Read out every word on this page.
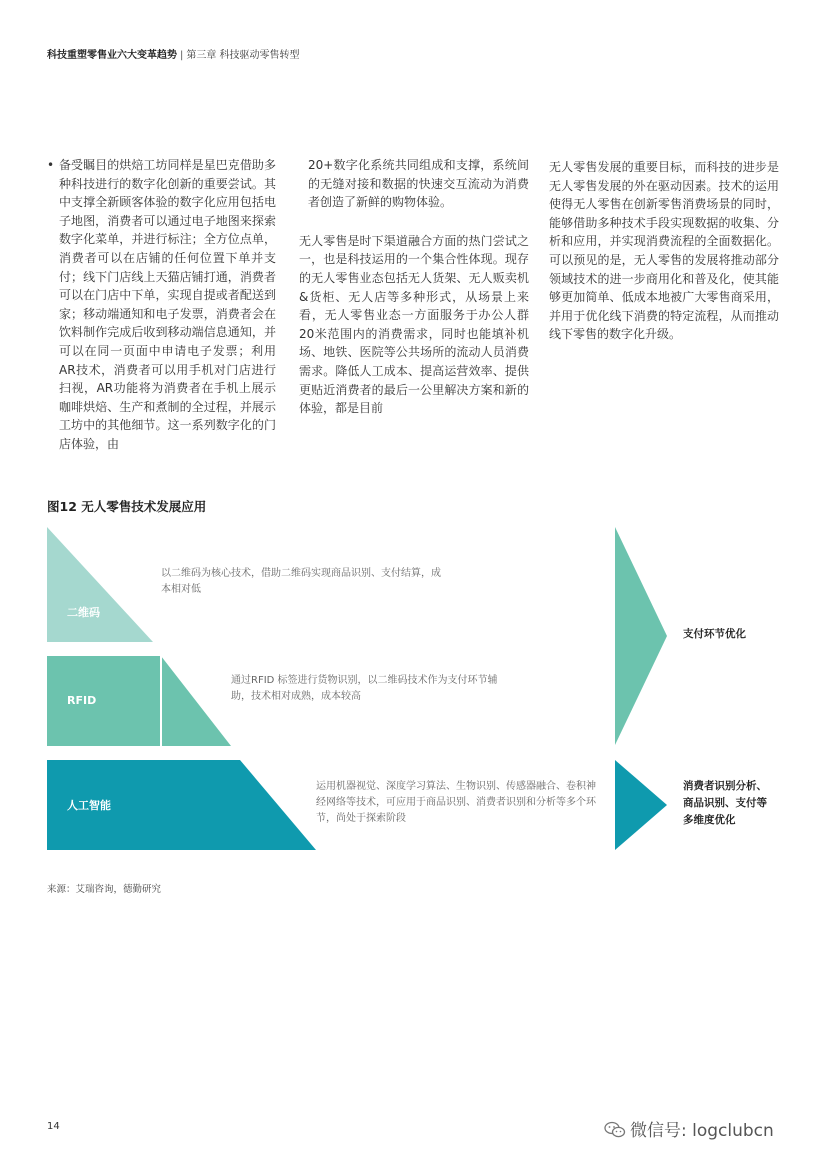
科技重塑零售业六大变革趋势 | 第三章 科技驱动零售转型
• 备受瞩目的烘焙工坊同样是星巴克借助多种科技进行的数字化创新的重要尝试。其中支撑全新顾客体验的数字化应用包括电子地图，消费者可以通过电子地图来探索数字化菜单，并进行标注；全方位点单，消费者可以在店铺的任何位置下单并支付；线下门店线上天猫店铺打通，消费者可以在门店中下单，实现自提或者配送到家；移动端通知和电子发票，消费者会在饮料制作完成后收到移动端信息通知，并可以在同一页面中申请电子发票；利用AR技术，消费者可以用手机对门店进行扫视，AR功能将为消费者在手机上展示咖啡烘焙、生产和煮制的全过程，并展示工坊中的其他细节。这一系列数字化的门店体验，由

20+数字化系统共同组成和支撑，系统间的无缝对接和数据的快速交互流动为消费者创造了新鲜的购物体验。

无人零售是时下渠道融合方面的热门尝试之一，也是科技运用的一个集合性体现。现存的无人零售业态包括无人货架、无人贩卖机&货柜、无人店等多种形式，从场景上来看，无人零售业态一方面服务于办公人群20米范围内的消费需求，同时也能填补机场、地铁、医院等公共场所的流动人员消费需求。降低人工成本、提高运营效率、提供更贴近消费者的最后一公里解决方案和新的体验，都是目前

无人零售发展的重要目标，而科技的进步是无人零售发展的外在驱动因素。技术的运用使得无人零售在创新零售消费场景的同时，能够借助多种技术手段实现数据的收集、分析和应用，并实现消费流程的全面数据化。可以预见的是，无人零售的发展将推动部分领域技术的进一步商用化和普及化，使其能够更加简单、低成本地被广大零售商采用，并用于优化线下消费的特定流程，从而推动线下零售的数字化升级。

图12 无人零售技术发展应用
二维码
RFID
人工智能
以二维码为核心技术，借助二维码实现商品识别、支付结算，成本相对低
通过RFID 标签进行货物识别，以二维码技术作为支付环节辅助，技术相对成熟，成本较高
运用机器视觉、深度学习算法、生物识别、传感器融合、卷积神经网络等技术，可应用于商品识别、消费者识别和分析等多个环节，尚处于探索阶段
支付环节优化
消费者识别分析、
商品识别、支付等
多维度优化
来源：艾瑞咨询，德勤研究
14	微信号: logclubcn
